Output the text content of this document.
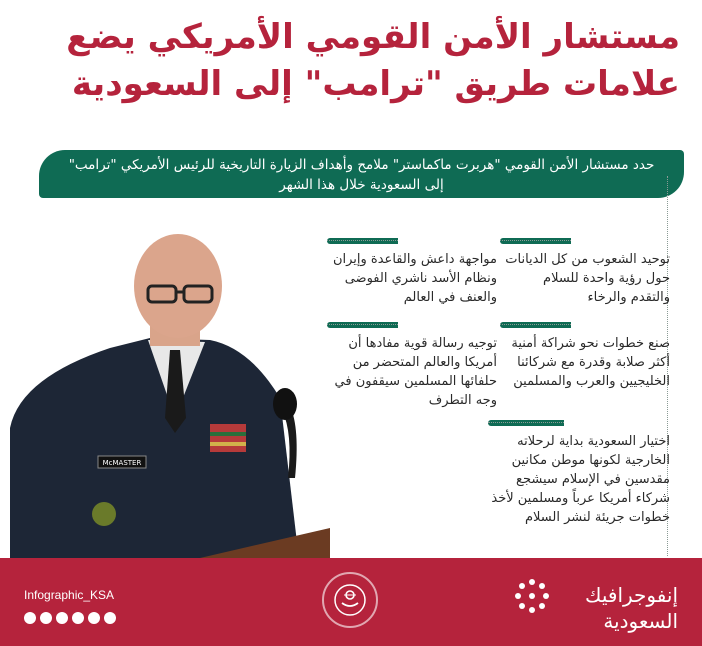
مستشار الأمن القومي الأمريكي يضع
علامات طريق "ترامب" إلى السعودية
حدد مستشار الأمن القومي "هربرت ماكماستر" ملامح وأهداف الزيارة التاريخية للرئيس الأمريكي "ترامب" إلى السعودية خلال هذا الشهر
توحيد الشعوب من كل الديانات حول رؤية واحدة للسلام والتقدم والرخاء
مواجهة داعش والقاعدة وإيران ونظام الأسد ناشري الفوضى والعنف في العالم
صنع خطوات نحو شراكة أمنية أكثر صلابة وقدرة مع شركائنا الخليجيين والعرب والمسلمين
توجيه رسالة قوية مفادها أن أمريكا والعالم المتحضر من حلفائها المسلمين سيقفون في وجه التطرف
اختيار السعودية بداية لرحلاته الخارجية لكونها موطن مكانين مقدسين في الإسلام سيشجع شركاء أمريكا عرباً ومسلمين لأخذ خطوات جريئة لنشر السلام
McMASTER
Infographic_KSA	إنفوجرافيك
السعودية
